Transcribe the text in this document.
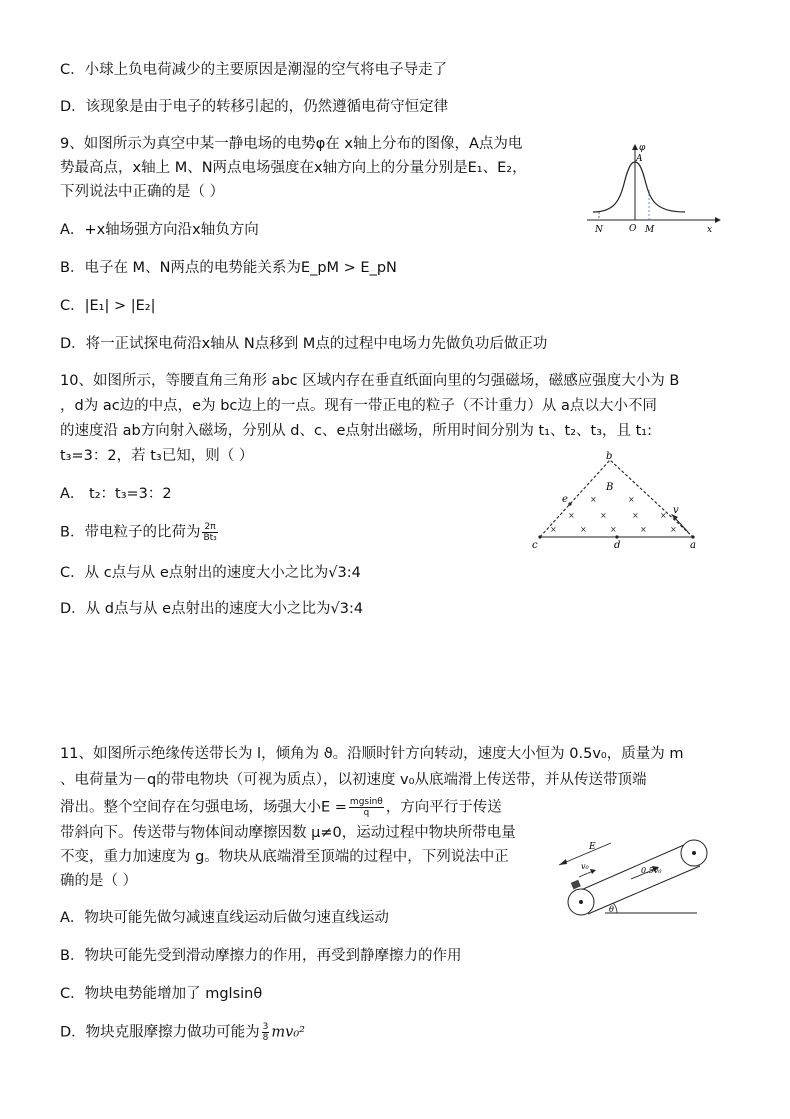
C．小球上负电荷减少的主要原因是潮湿的空气将电子导走了
D．该现象是由于电子的转移引起的，仍然遵循电荷守恒定律
9、如图所示为真空中某一静电场的电势φ在 x轴上分布的图像，A点为电
势最高点，x轴上 M、N两点电场强度在x轴方向上的分量分别是E₁、E₂，
下列说法中正确的是（ ）
A．+x轴场强方向沿x轴负方向
B．电子在 M、N两点的电势能关系为E_pM > E_pN
C．|E₁| > |E₂|
D．将一正试探电荷沿x轴从 N点移到 M点的过程中电场力先做负功后做正功
φ
A
N	O M	x
10、如图所示，等腰直角三角形 abc 区域内存在垂直纸面向里的匀强磁场，磁感应强度大小为 B
，d为 ac边的中点，e为 bc边上的一点。现有一带正电的粒子（不计重力）从 a点以大小不同
的速度沿 ab方向射入磁场，分别从 d、c、e点射出磁场，所用时间分别为 t₁、t₂、t₃，且 t₁:
t₃=3：2，若 t₃已知，则（ ）
A． t₂：t₃=3：2
B．带电粒子的比荷为 $\frac{2\pi}{\text{Bt₃}}$
C．从 c点与从 e点射出的速度大小之比为√3:4
D．从 d点与从 e点射出的速度大小之比为√3:4
×	×
×	×	×	×
×	×	×	×	×
b
B
e
v
c	d	a
11、如图所示绝缘传送带长为 l，倾角为 ϑ。沿顺时针方向转动，速度大小恒为 0.5v₀，质量为 m
、电荷量为－q的带电物块（可视为质点），以初速度 v₀从底端滑上传送带，并从传送带顶端
滑出。整个空间存在匀强电场，场强大小$E = \frac{mgsin\theta}{q}$ ，方向平行于传送
带斜向下。传送带与物体间动摩擦因数 μ≠0，运动过程中物块所带电量
不变，重力加速度为 g。物块从底端滑至顶端的过程中，下列说法中正
确的是（ ）
A．物块可能先做匀减速直线运动后做匀速直线运动
B．物块可能先受到滑动摩擦力的作用，再受到静摩擦力的作用
C．物块电势能增加了 mglsinθ
D．物块克服摩擦力做功可能为 $\frac{3}{8} mv_0^2$
E
v₀	0.5v₀
θ
